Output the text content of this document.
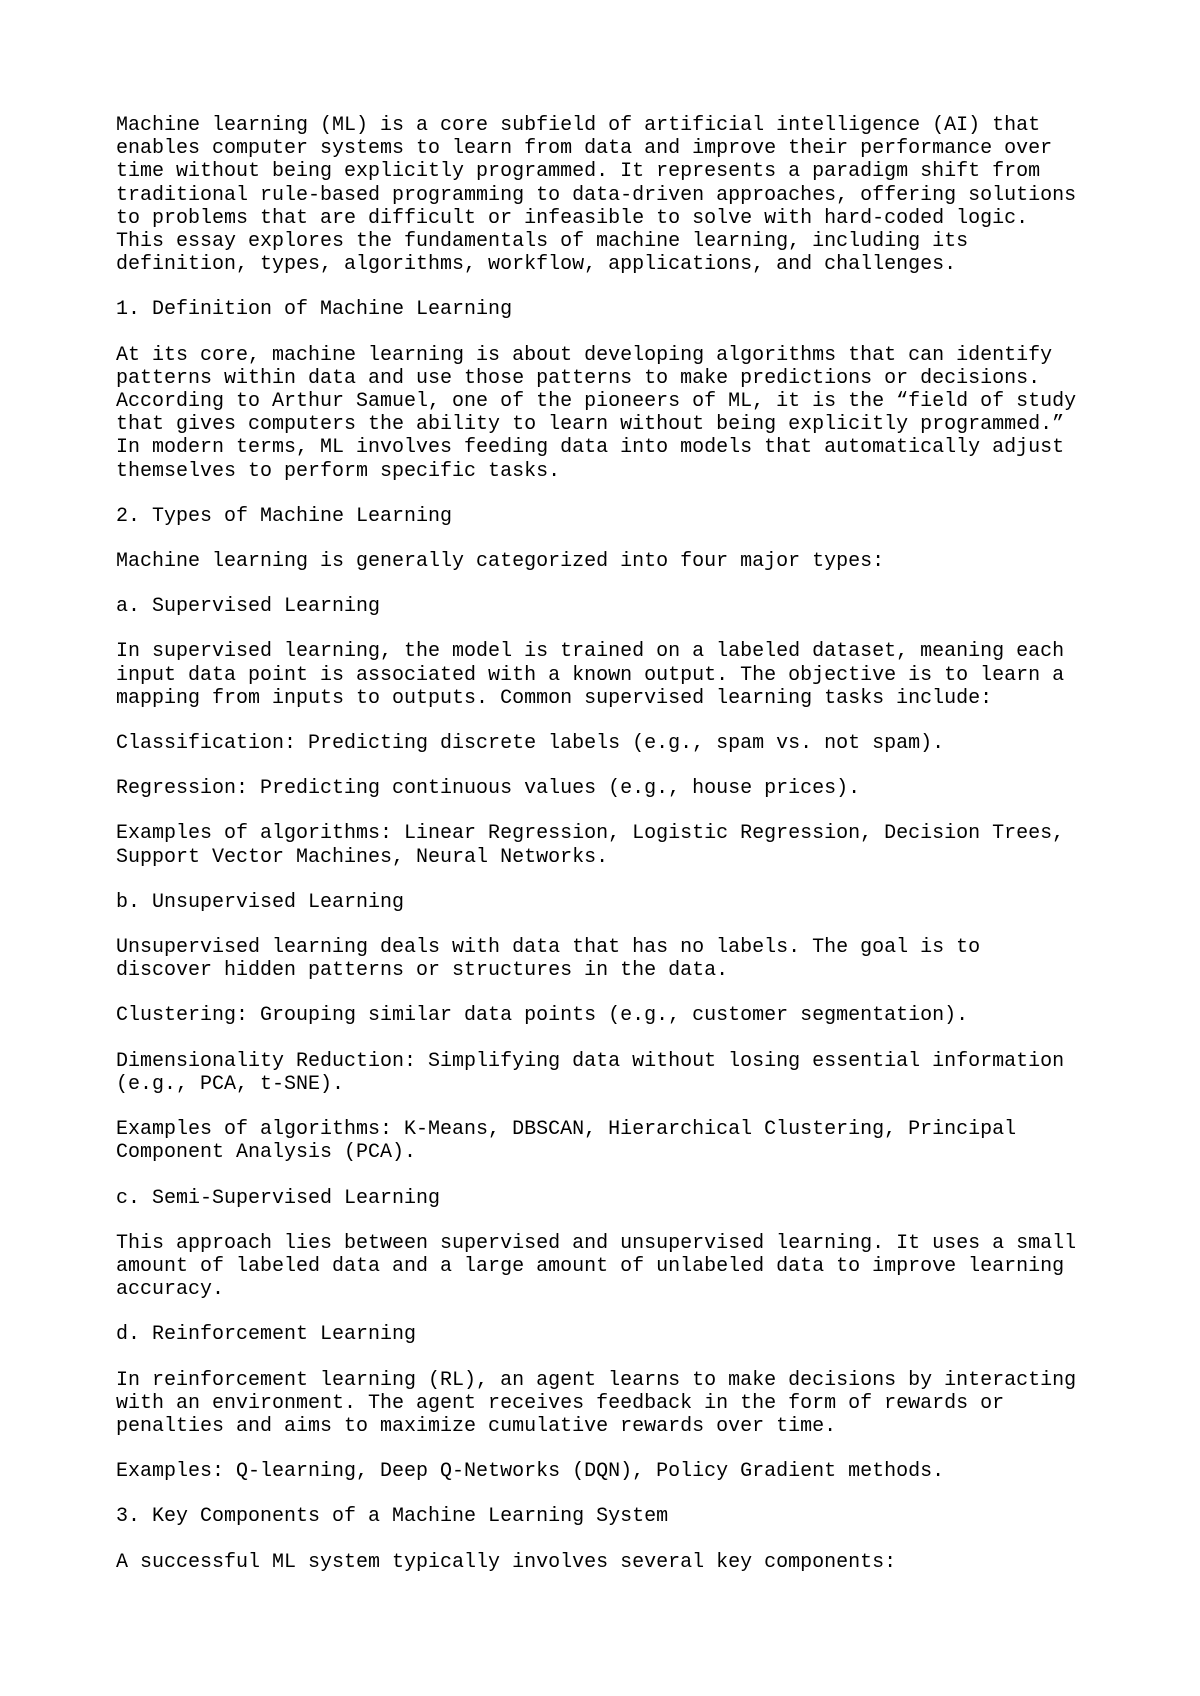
Machine learning (ML) is a core subfield of artificial intelligence (AI) that
enables computer systems to learn from data and improve their performance over
time without being explicitly programmed. It represents a paradigm shift from
traditional rule-based programming to data-driven approaches, offering solutions
to problems that are difficult or infeasible to solve with hard-coded logic.
This essay explores the fundamentals of machine learning, including its
definition, types, algorithms, workflow, applications, and challenges.

1. Definition of Machine Learning

At its core, machine learning is about developing algorithms that can identify
patterns within data and use those patterns to make predictions or decisions.
According to Arthur Samuel, one of the pioneers of ML, it is the “field of study
that gives computers the ability to learn without being explicitly programmed.”
In modern terms, ML involves feeding data into models that automatically adjust
themselves to perform specific tasks.

2. Types of Machine Learning

Machine learning is generally categorized into four major types:

a. Supervised Learning

In supervised learning, the model is trained on a labeled dataset, meaning each
input data point is associated with a known output. The objective is to learn a
mapping from inputs to outputs. Common supervised learning tasks include:

Classification: Predicting discrete labels (e.g., spam vs. not spam).

Regression: Predicting continuous values (e.g., house prices).

Examples of algorithms: Linear Regression, Logistic Regression, Decision Trees,
Support Vector Machines, Neural Networks.

b. Unsupervised Learning

Unsupervised learning deals with data that has no labels. The goal is to
discover hidden patterns or structures in the data.

Clustering: Grouping similar data points (e.g., customer segmentation).

Dimensionality Reduction: Simplifying data without losing essential information
(e.g., PCA, t-SNE).

Examples of algorithms: K-Means, DBSCAN, Hierarchical Clustering, Principal
Component Analysis (PCA).

c. Semi-Supervised Learning

This approach lies between supervised and unsupervised learning. It uses a small
amount of labeled data and a large amount of unlabeled data to improve learning
accuracy.

d. Reinforcement Learning

In reinforcement learning (RL), an agent learns to make decisions by interacting
with an environment. The agent receives feedback in the form of rewards or
penalties and aims to maximize cumulative rewards over time.

Examples: Q-learning, Deep Q-Networks (DQN), Policy Gradient methods.

3. Key Components of a Machine Learning System

A successful ML system typically involves several key components:
